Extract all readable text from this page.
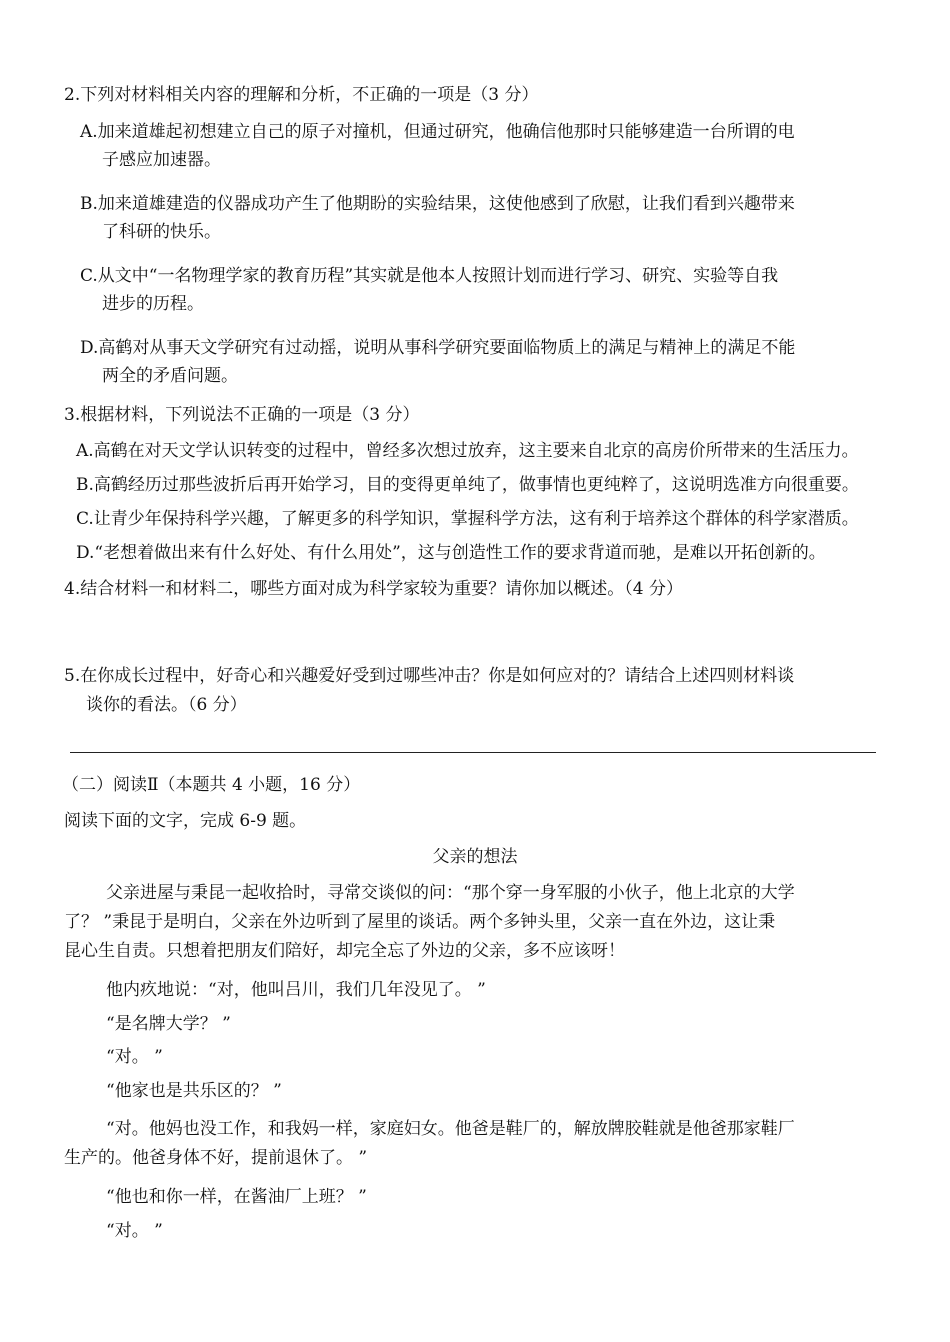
2.下列对材料相关内容的理解和分析，不正确的一项是（3 分）
A.加来道雄起初想建立自己的原子对撞机，但通过研究，他确信他那时只能够建造一台所谓的电
子感应加速器。
B.加来道雄建造的仪器成功产生了他期盼的实验结果，这使他感到了欣慰，让我们看到兴趣带来
了科研的快乐。
C.从文中“一名物理学家的教育历程”其实就是他本人按照计划而进行学习、研究、实验等自我
进步的历程。
D.高鹤对从事天文学研究有过动摇，说明从事科学研究要面临物质上的满足与精神上的满足不能
两全的矛盾问题。
3.根据材料，下列说法不正确的一项是（3 分）
A.高鹤在对天文学认识转变的过程中，曾经多次想过放弃，这主要来自北京的高房价所带来的生活压力。
B.高鹤经历过那些波折后再开始学习，目的变得更单纯了，做事情也更纯粹了，这说明选准方向很重要。
C.让青少年保持科学兴趣，了解更多的科学知识，掌握科学方法，这有利于培养这个群体的科学家潜质。
D.“老想着做出来有什么好处、有什么用处”，这与创造性工作的要求背道而驰，是难以开拓创新的。
4.结合材料一和材料二，哪些方面对成为科学家较为重要？请你加以概述。（4 分）
5.在你成长过程中，好奇心和兴趣爱好受到过哪些冲击？你是如何应对的？请结合上述四则材料谈
谈你的看法。（6 分）
（二）阅读Ⅱ（本题共 4 小题，16 分）
阅读下面的文字，完成 6-9 题。
父亲的想法
父亲进屋与秉昆一起收拾时，寻常交谈似的问：“那个穿一身军服的小伙子，他上北京的大学
了？ ”秉昆于是明白，父亲在外边听到了屋里的谈话。两个多钟头里，父亲一直在外边，这让秉
昆心生自责。只想着把朋友们陪好，却完全忘了外边的父亲，多不应该呀！
他内疚地说：“对，他叫吕川，我们几年没见了。 ”
“是名牌大学？ ”
“对。 ”
“他家也是共乐区的？ ”
“对。他妈也没工作，和我妈一样，家庭妇女。他爸是鞋厂的，解放牌胶鞋就是他爸那家鞋厂
生产的。他爸身体不好，提前退休了。 ”
“他也和你一样，在酱油厂上班？ ”
“对。 ”
